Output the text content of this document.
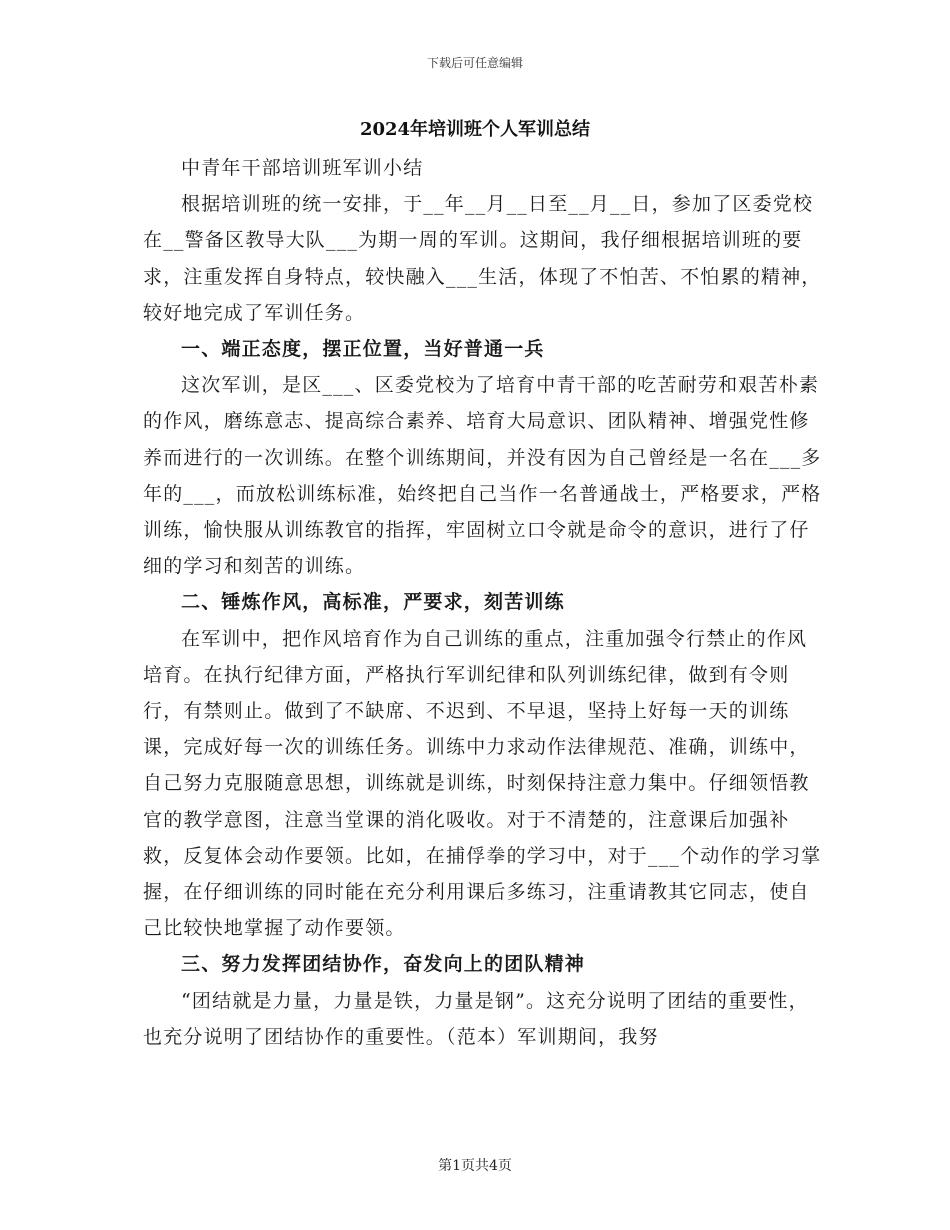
下载后可任意编辑
2024年培训班个人军训总结

中青年干部培训班军训小结

根据培训班的统一安排，于__年__月__日至__月__日，参加了区委党校在__警备区教导大队___为期一周的军训。这期间，我仔细根据培训班的要求，注重发挥自身特点，较快融入___生活，体现了不怕苦、不怕累的精神，较好地完成了军训任务。

一、端正态度，摆正位置，当好普通一兵

这次军训，是区___、区委党校为了培育中青干部的吃苦耐劳和艰苦朴素的作风，磨练意志、提高综合素养、培育大局意识、团队精神、增强党性修养而进行的一次训练。在整个训练期间，并没有因为自己曾经是一名在___多年的___，而放松训练标准，始终把自己当作一名普通战士，严格要求，严格训练，愉快服从训练教官的指挥，牢固树立口令就是命令的意识，进行了仔细的学习和刻苦的训练。

二、锤炼作风，高标准，严要求，刻苦训练

在军训中，把作风培育作为自己训练的重点，注重加强令行禁止的作风培育。在执行纪律方面，严格执行军训纪律和队列训练纪律，做到有令则行，有禁则止。做到了不缺席、不迟到、不早退，坚持上好每一天的训练课，完成好每一次的训练任务。训练中力求动作法律规范、准确，训练中，自己努力克服随意思想，训练就是训练，时刻保持注意力集中。仔细领悟教官的教学意图，注意当堂课的消化吸收。对于不清楚的，注意课后加强补救，反复体会动作要领。比如，在捕俘拳的学习中，对于___个动作的学习掌握，在仔细训练的同时能在充分利用课后多练习，注重请教其它同志，使自己比较快地掌握了动作要领。

三、努力发挥团结协作，奋发向上的团队精神

“团结就是力量，力量是铁，力量是钢”。这充分说明了团结的重要性，也充分说明了团结协作的重要性。（范本）军训期间，我努

第1页共4页
